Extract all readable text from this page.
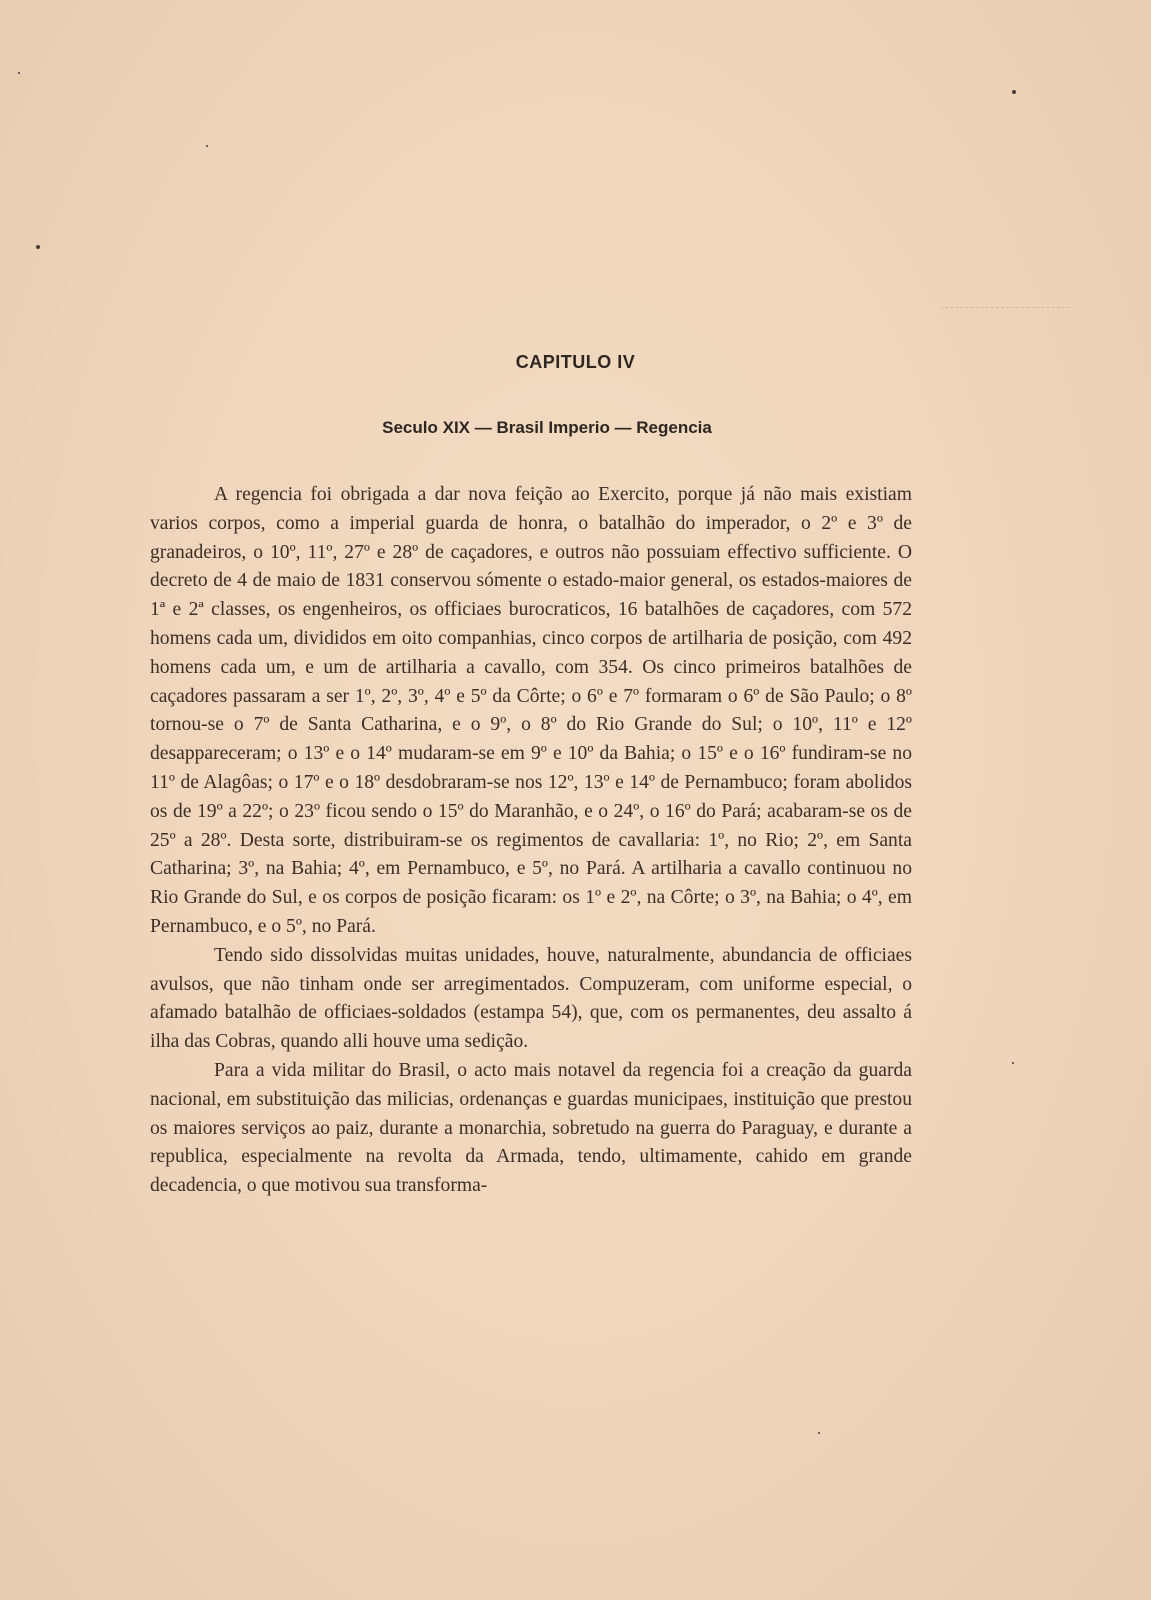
CAPITULO IV
Seculo XIX — Brasil Imperio — Regencia

A regencia foi obrigada a dar nova feição ao Exercito, porque já não mais existiam varios corpos, como a imperial guarda de honra, o batalhão do imperador, o 2º e 3º de granadeiros, o 10º, 11º, 27º e 28º de caçadores, e outros não possuiam effectivo sufficiente. O decreto de 4 de maio de 1831 conservou sómente o estado-maior general, os estados-maiores de 1ª e 2ª classes, os engenheiros, os officiaes burocraticos, 16 batalhões de caçadores, com 572 homens cada um, divididos em oito companhias, cinco corpos de artilharia de posição, com 492 homens cada um, e um de artilharia a cavallo, com 354. Os cinco primeiros batalhões de caçadores passaram a ser 1º, 2º, 3º, 4º e 5º da Côrte; o 6º e 7º formaram o 6º de São Paulo; o 8º tornou-se o 7º de Santa Catharina, e o 9º, o 8º do Rio Grande do Sul; o 10º, 11º e 12º desappareceram; o 13º e o 14º mudaram-se em 9º e 10º da Bahia; o 15º e o 16º fundiram-se no 11º de Alagôas; o 17º e o 18º desdobraram-se nos 12º, 13º e 14º de Pernambuco; foram abolidos os de 19º a 22º; o 23º ficou sendo o 15º do Maranhão, e o 24º, o 16º do Pará; acabaram-se os de 25º a 28º. Desta sorte, distribuiram-se os regimentos de cavallaria: 1º, no Rio; 2º, em Santa Catharina; 3º, na Bahia; 4º, em Pernambuco, e 5º, no Pará. A artilharia a cavallo continuou no Rio Grande do Sul, e os corpos de posição ficaram: os 1º e 2º, na Côrte; o 3º, na Bahia; o 4º, em Pernambuco, e o 5º, no Pará.

Tendo sido dissolvidas muitas unidades, houve, naturalmente, abundancia de officiaes avulsos, que não tinham onde ser arregimentados. Compuzeram, com uniforme especial, o afamado batalhão de officiaes-soldados (estampa 54), que, com os permanentes, deu assalto á ilha das Cobras, quando alli houve uma sedição.

Para a vida militar do Brasil, o acto mais notavel da regencia foi a creação da guarda nacional, em substituição das milicias, ordenanças e guardas municipaes, instituição que prestou os maiores serviços ao paiz, durante a monarchia, sobretudo na guerra do Paraguay, e durante a republica, especialmente na revolta da Armada, tendo, ultimamente, cahido em grande decadencia, o que motivou sua transforma-
